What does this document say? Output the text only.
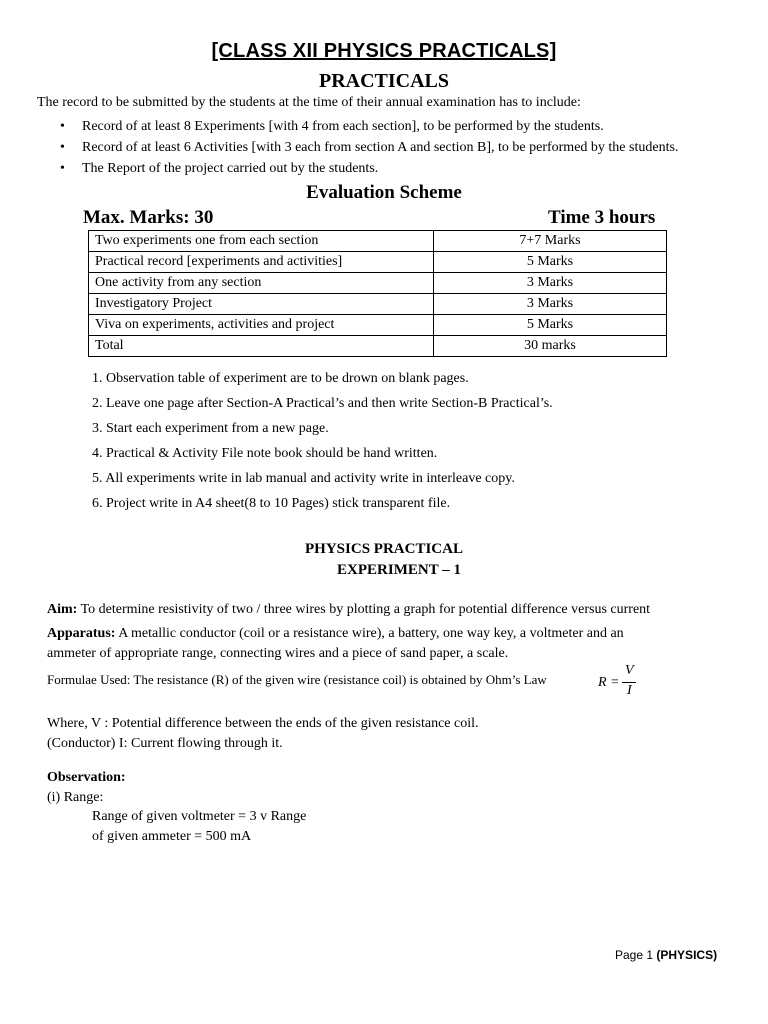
[CLASS XII PHYSICS PRACTICALS]
PRACTICALS
The record to be submitted by the students at the time of their annual examination has to include:
• Record of at least 8 Experiments [with 4 from each section], to be performed by the students.
• Record of at least 6 Activities [with 3 each from section A and section B], to be performed by the students.
• The Report of the project carried out by the students.
Evaluation Scheme
Max. Marks: 30	Time 3 hours
Two experiments one from each section	7+7 Marks
Practical record [experiments and activities]	5 Marks
One activity from any section	3 Marks
Investigatory Project	3 Marks
Viva on experiments, activities and project	5 Marks
Total	30 marks
1. Observation table of experiment are to be drown on blank pages.
2. Leave one page after Section-A Practical’s and then write Section-B Practical’s.
3. Start each experiment from a new page.
4. Practical & Activity File note book should be hand written.
5. All experiments write in lab manual and activity write in interleave copy.
6. Project write in A4 sheet(8 to 10 Pages) stick transparent file.
PHYSICS PRACTICAL
EXPERIMENT – 1
Aim: To determine resistivity of two / three wires by plotting a graph for potential difference versus current
Apparatus: A metallic conductor (coil or a resistance wire), a battery, one way key, a voltmeter and an
ammeter of appropriate range, connecting wires and a piece of sand paper, a scale.
Formulae Used: The resistance (R) of the given wire (resistance coil) is obtained by Ohm’s Law	R =
V
I
Where, V : Potential difference between the ends of the given resistance coil.
(Conductor) I: Current flowing through it.
Observation:
(i) Range:
Range of given voltmeter = 3 v Range
of given ammeter = 500 mA
Page 1 (PHYSICS)
